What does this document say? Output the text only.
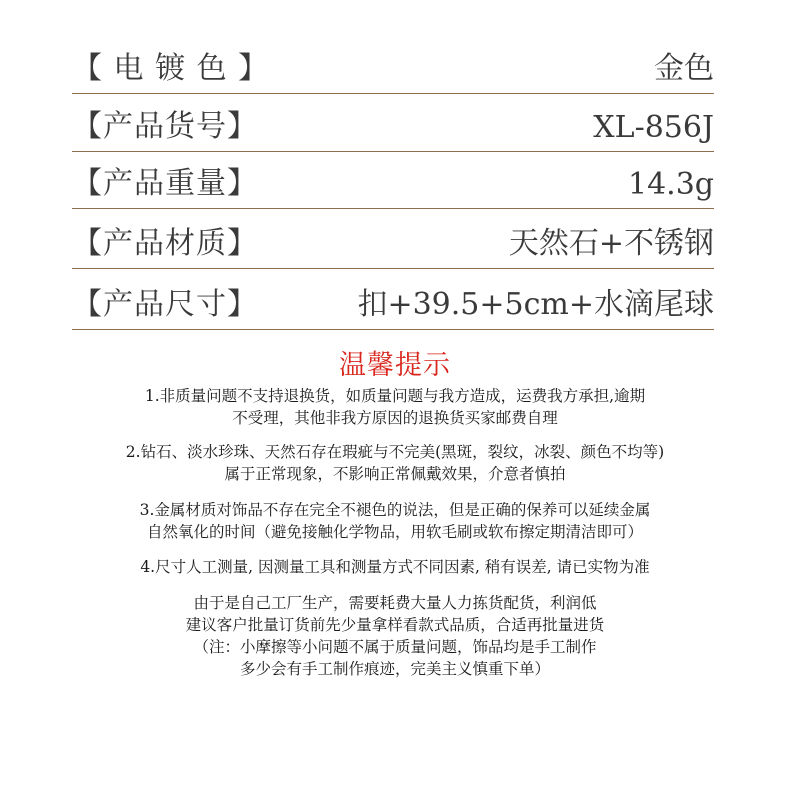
【 电 镀 色 】	金色
【产品货号】	XL-856J
【产品重量】	14.3g
【产品材质】	天然石+不锈钢
【产品尺寸】	扣+39.5+5cm+水滴尾球
温馨提示
1.非质量问题不支持退换货，如质量问题与我方造成，运费我方承担,逾期
不受理，其他非我方原因的退换货买家邮费自理
2.钻石、淡水珍珠、天然石存在瑕疵与不完美(黑斑，裂纹，冰裂、颜色不均等)
属于正常现象，不影响正常佩戴效果，介意者慎拍
3.金属材质对饰品不存在完全不褪色的说法，但是正确的保养可以延续金属
自然氧化的时间（避免接触化学物品，用软毛刷或软布擦定期清洁即可）
4.尺寸人工测量, 因测量工具和测量方式不同因素, 稍有误差, 请已实物为准
由于是自己工厂生产，需要耗费大量人力拣货配货，利润低
建议客户批量订货前先少量拿样看款式品质，合适再批量进货
（注：小摩擦等小问题不属于质量问题，饰品均是手工制作
多少会有手工制作痕迹，完美主义慎重下单）
